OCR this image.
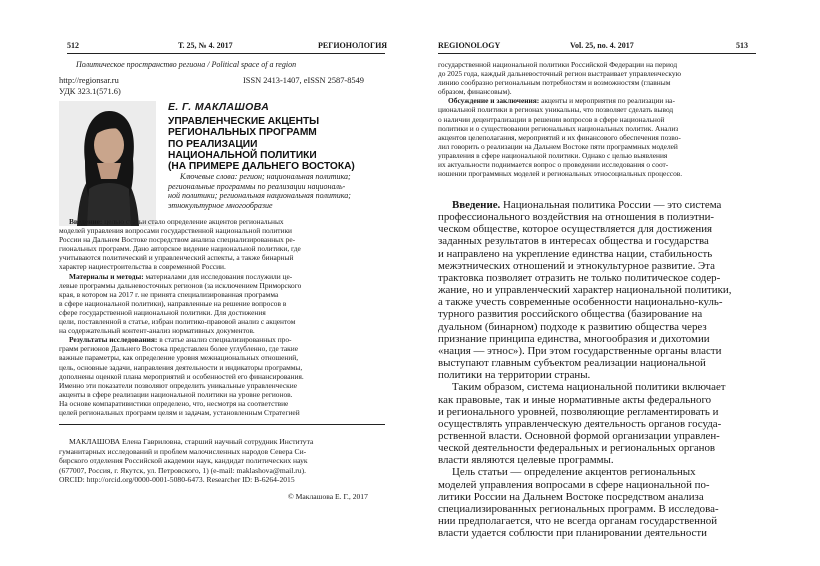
512	Т. 25, № 4. 2017	РЕГИОНОЛОГИЯ
Политическое пространство региона / Political space of a region
http://regionsar.ru	ISSN 2413-1407, eISSN 2587-8549
УДК 323.1(571.6)
Е. Г. МАКЛАШОВА
УПРАВЛЕНЧЕСКИЕ АКЦЕНТЫ
РЕГИОНАЛЬНЫХ ПРОГРАММ
ПО РЕАЛИЗАЦИИ
НАЦИОНАЛЬНОЙ ПОЛИТИКИ
(НА ПРИМЕРЕ ДАЛЬНЕГО ВОСТОКА)
Ключевые слова: регион; национальная политика;
региональные программы по реализации националь-
ной политики; региональная национальная политика;
этнокультурное многообразие
Введение: целью статьи стало определение акцентов региональных
моделей управления вопросами государственной национальной политики
России на Дальнем Востоке посредством анализа специализированных ре-
гиональных программ. Дано авторское видение национальной политики, где
учитываются политический и управленческий аспекты, а также бинарный
характер нациестроительства в современной России.
Материалы и методы: материалами для исследования послужили це-
левые программы дальневосточных регионов (за исключением Приморского
края, в котором на 2017 г. не принята специализированная программа
в сфере национальной политики), направленные на решение вопросов в
сфере государственной национальной политики. Для достижения
цели, поставленной в статье, избран политико-правовой анализ с акцентом
на содержательный контент-анализ нормативных документов.
Результаты исследования: в статье анализ специализированных про-
грамм регионов Дальнего Востока представлен более углубленно, где такие
важные параметры, как определение уровня межнациональных отношений,
цель, основные задачи, направления деятельности и индикаторы программы,
дополнены оценкой плана мероприятий и особенностей его финансирования.
Именно эти показатели позволяют определить уникальные управленческие
акценты в сфере реализации национальной политики на уровне регионов.
На основе компаративистики определено, что, несмотря на соответствие
целей региональных программ целям и задачам, установленным Стратегией
МАКЛАШОВА Елена Гавриловна, старший научный сотрудник Института
гуманитарных исследований и проблем малочисленных народов Севера Си-
бирского отделения Российской академии наук, кандидат политических наук
(677007, Россия, г. Якутск, ул. Петровского, 1) (e-mail: maklashova@mail.ru).
ORCID: http://orcid.org/0000-0001-5080-6473. Researcher ID: B-6264-2015
© Маклашова Е. Г., 2017
REGIONOLOGY	Vol. 25, no. 4. 2017	513
государственной национальной политики Российской Федерации на период
до 2025 года, каждый дальневосточный регион выстраивает управленческую
линию сообразно региональным потребностям и возможностям (главным
образом, финансовым).
Обсуждение и заключения: акценты и мероприятия по реализации на-
циональной политики в регионах уникальны, что позволяет сделать вывод
о наличии децентрализации в решении вопросов в сфере национальной
политики и о существовании региональных национальных политик. Анализ
акцентов целеполагания, мероприятий и их финансового обеспечения позво-
лил говорить о реализации на Дальнем Востоке пяти программных моделей
управления в сфере национальной политики. Однако с целью выявления
их актуальности поднимается вопрос о проведении исследования о соот-
ношении программных моделей и региональных этносоциальных процессов.
Введение. Национальная политика России — это система
профессионального воздействия на отношения в полиэтни-
ческом обществе, которое осуществляется для достижения
заданных результатов в интересах общества и государства
и направлено на укрепление единства нации, стабильность
межэтнических отношений и этнокультурное развитие. Эта
трактовка позволяет отразить не только политическое содер-
жание, но и управленческий характер национальной политики,
а также учесть современные особенности национально-куль-
турного развития российского общества (базирование на
дуальном (бинарном) подходе к развитию общества через
признание принципа единства, многообразия и дихотомии
«нация — этнос»). При этом государственные органы власти
выступают главным субъектом реализации национальной
политики на территории страны.
Таким образом, система национальной политики включает
как правовые, так и иные нормативные акты федерального
и регионального уровней, позволяющие регламентировать и
осуществлять управленческую деятельность органов госуда-
рственной власти. Основной формой организации управлен-
ческой деятельности федеральных и региональных органов
власти являются целевые программы.
Цель статьи — определение акцентов региональных
моделей управления вопросами в сфере национальной по-
литики России на Дальнем Востоке посредством анализа
специализированных региональных программ. В исследова-
нии предполагается, что не всегда органам государственной
власти удается соблюсти при планировании деятельности
